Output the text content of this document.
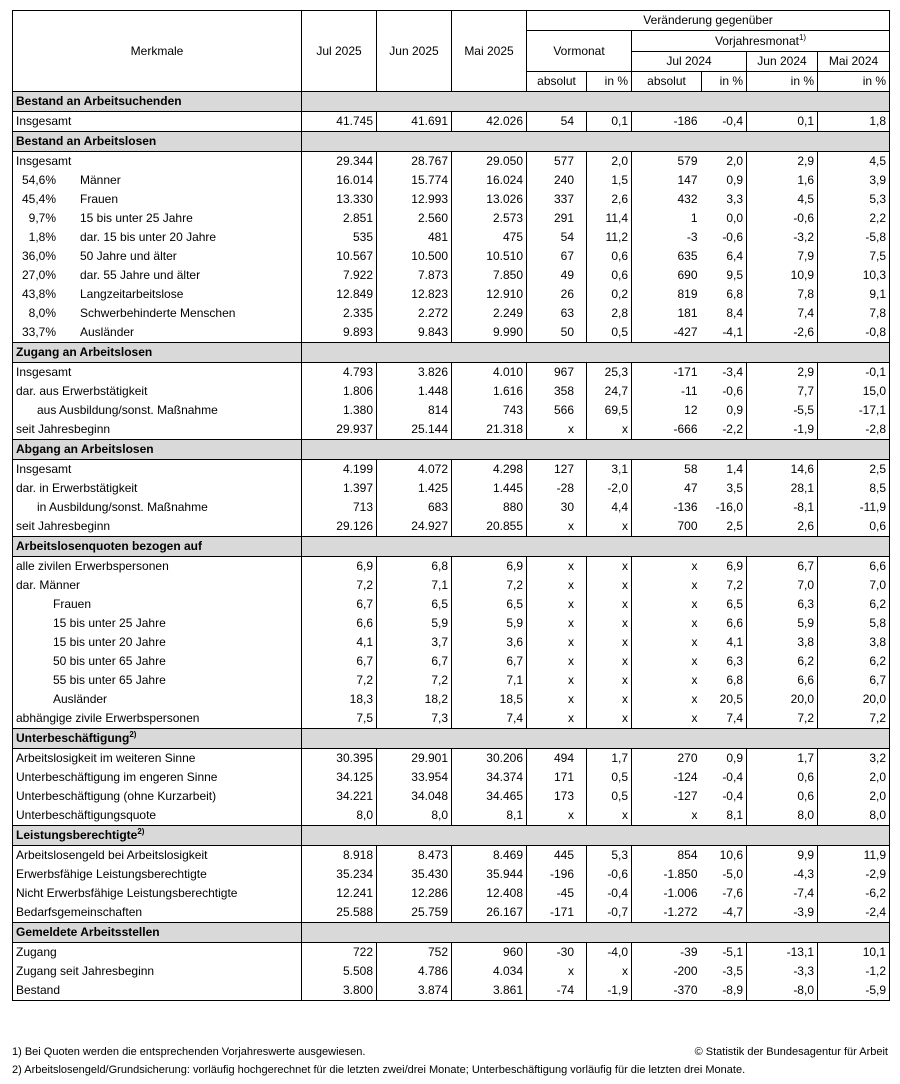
Merkmale	Jul 2025	Jun 2025	Mai 2025	Veränderung gegenüber					
				Vormonat		Vorjahresmonat$^{1)}$
						Jul 2024		Jun 2024	Mai 2024
				absolut	in %	absolut	in %	in %	in %
Bestand an Arbeitsuchenden									
Insgesamt	41.745	41.691	42.026	54	0,1	-186	-0,4	0,1	1,8
Bestand an Arbeitslosen									
Insgesamt	29.344	28.767	29.050	577	2,0	579	2,0	2,9	4,5
54,6% Männer	16.014	15.774	16.024	240	1,5	147	0,9	1,6	3,9
45,4% Frauen	13.330	12.993	13.026	337	2,6	432	3,3	4,5	5,3
9,7% 15 bis unter 25 Jahre	2.851	2.560	2.573	291	11,4	1	0,0	-0,6	2,2
1,8% dar. 15 bis unter 20 Jahre	535	481	475	54	11,2	-3	-0,6	-3,2	-5,8
36,0% 50 Jahre und älter	10.567	10.500	10.510	67	0,6	635	6,4	7,9	7,5
27,0% dar. 55 Jahre und älter	7.922	7.873	7.850	49	0,6	690	9,5	10,9	10,3
43,8% Langzeitarbeitslose	12.849	12.823	12.910	26	0,2	819	6,8	7,8	9,1
8,0% Schwerbehinderte Menschen	2.335	2.272	2.249	63	2,8	181	8,4	7,4	7,8
33,7% Ausländer	9.893	9.843	9.990	50	0,5	-427	-4,1	-2,6	-0,8
Zugang an Arbeitslosen									
Insgesamt	4.793	3.826	4.010	967	25,3	-171	-3,4	2,9	-0,1
dar. aus Erwerbstätigkeit	1.806	1.448	1.616	358	24,7	-11	-0,6	7,7	15,0
aus Ausbildung/sonst. Maßnahme	1.380	814	743	566	69,5	12	0,9	-5,5	-17,1
seit Jahresbeginn	29.937	25.144	21.318	x	x	-666	-2,2	-1,9	-2,8
Abgang an Arbeitslosen									
Insgesamt	4.199	4.072	4.298	127	3,1	58	1,4	14,6	2,5
dar. in Erwerbstätigkeit	1.397	1.425	1.445	-28	-2,0	47	3,5	28,1	8,5
in Ausbildung/sonst. Maßnahme	713	683	880	30	4,4	-136	-16,0	-8,1	-11,9
seit Jahresbeginn	29.126	24.927	20.855	x	x	700	2,5	2,6	0,6
Arbeitslosenquoten bezogen auf									
alle zivilen Erwerbspersonen	6,9	6,8	6,9	x	x	x	6,9	6,7	6,6
dar. Männer	7,2	7,1	7,2	x	x	x	7,2	7,0	7,0
Frauen	6,7	6,5	6,5	x	x	x	6,5	6,3	6,2
15 bis unter 25 Jahre	6,6	5,9	5,9	x	x	x	6,6	5,9	5,8
15 bis unter 20 Jahre	4,1	3,7	3,6	x	x	x	4,1	3,8	3,8
50 bis unter 65 Jahre	6,7	6,7	6,7	x	x	x	6,3	6,2	6,2
55 bis unter 65 Jahre	7,2	7,2	7,1	x	x	x	6,8	6,6	6,7
Ausländer	18,3	18,2	18,5	x	x	x	20,5	20,0	20,0
abhängige zivile Erwerbspersonen	7,5	7,3	7,4	x	x	x	7,4	7,2	7,2
Unterbeschäftigung$^{2)}$									
Arbeitslosigkeit im weiteren Sinne	30.395	29.901	30.206	494	1,7	270	0,9	1,7	3,2
Unterbeschäftigung im engeren Sinne	34.125	33.954	34.374	171	0,5	-124	-0,4	0,6	2,0
Unterbeschäftigung (ohne Kurzarbeit)	34.221	34.048	34.465	173	0,5	-127	-0,4	0,6	2,0
Unterbeschäftigungsquote	8,0	8,0	8,1	x	x	x	8,1	8,0	8,0
Leistungsberechtigte$^{2)}$									
Arbeitslosengeld bei Arbeitslosigkeit	8.918	8.473	8.469	445	5,3	854	10,6	9,9	11,9
Erwerbsfähige Leistungsberechtigte	35.234	35.430	35.944	-196	-0,6	-1.850	-5,0	-4,3	-2,9
Nicht Erwerbsfähige Leistungsberechtigte	12.241	12.286	12.408	-45	-0,4	-1.006	-7,6	-7,4	-6,2
Bedarfsgemeinschaften	25.588	25.759	26.167	-171	-0,7	-1.272	-4,7	-3,9	-2,4
Gemeldete Arbeitsstellen									
Zugang	722	752	960	-30	-4,0	-39	-5,1	-13,1	10,1
Zugang seit Jahresbeginn	5.508	4.786	4.034	x	x	-200	-3,5	-3,3	-1,2
Bestand	3.800	3.874	3.861	-74	-1,9	-370	-8,9	-8,0	-5,9
1) Bei Quoten werden die entsprechenden Vorjahreswerte ausgewiesen.	© Statistik der Bundesagentur für Arbeit
2) Arbeitslosengeld/Grundsicherung: vorläufig hochgerechnet für die letzten zwei/drei Monate; Unterbeschäftigung vorläufig für die letzten drei Monate.
